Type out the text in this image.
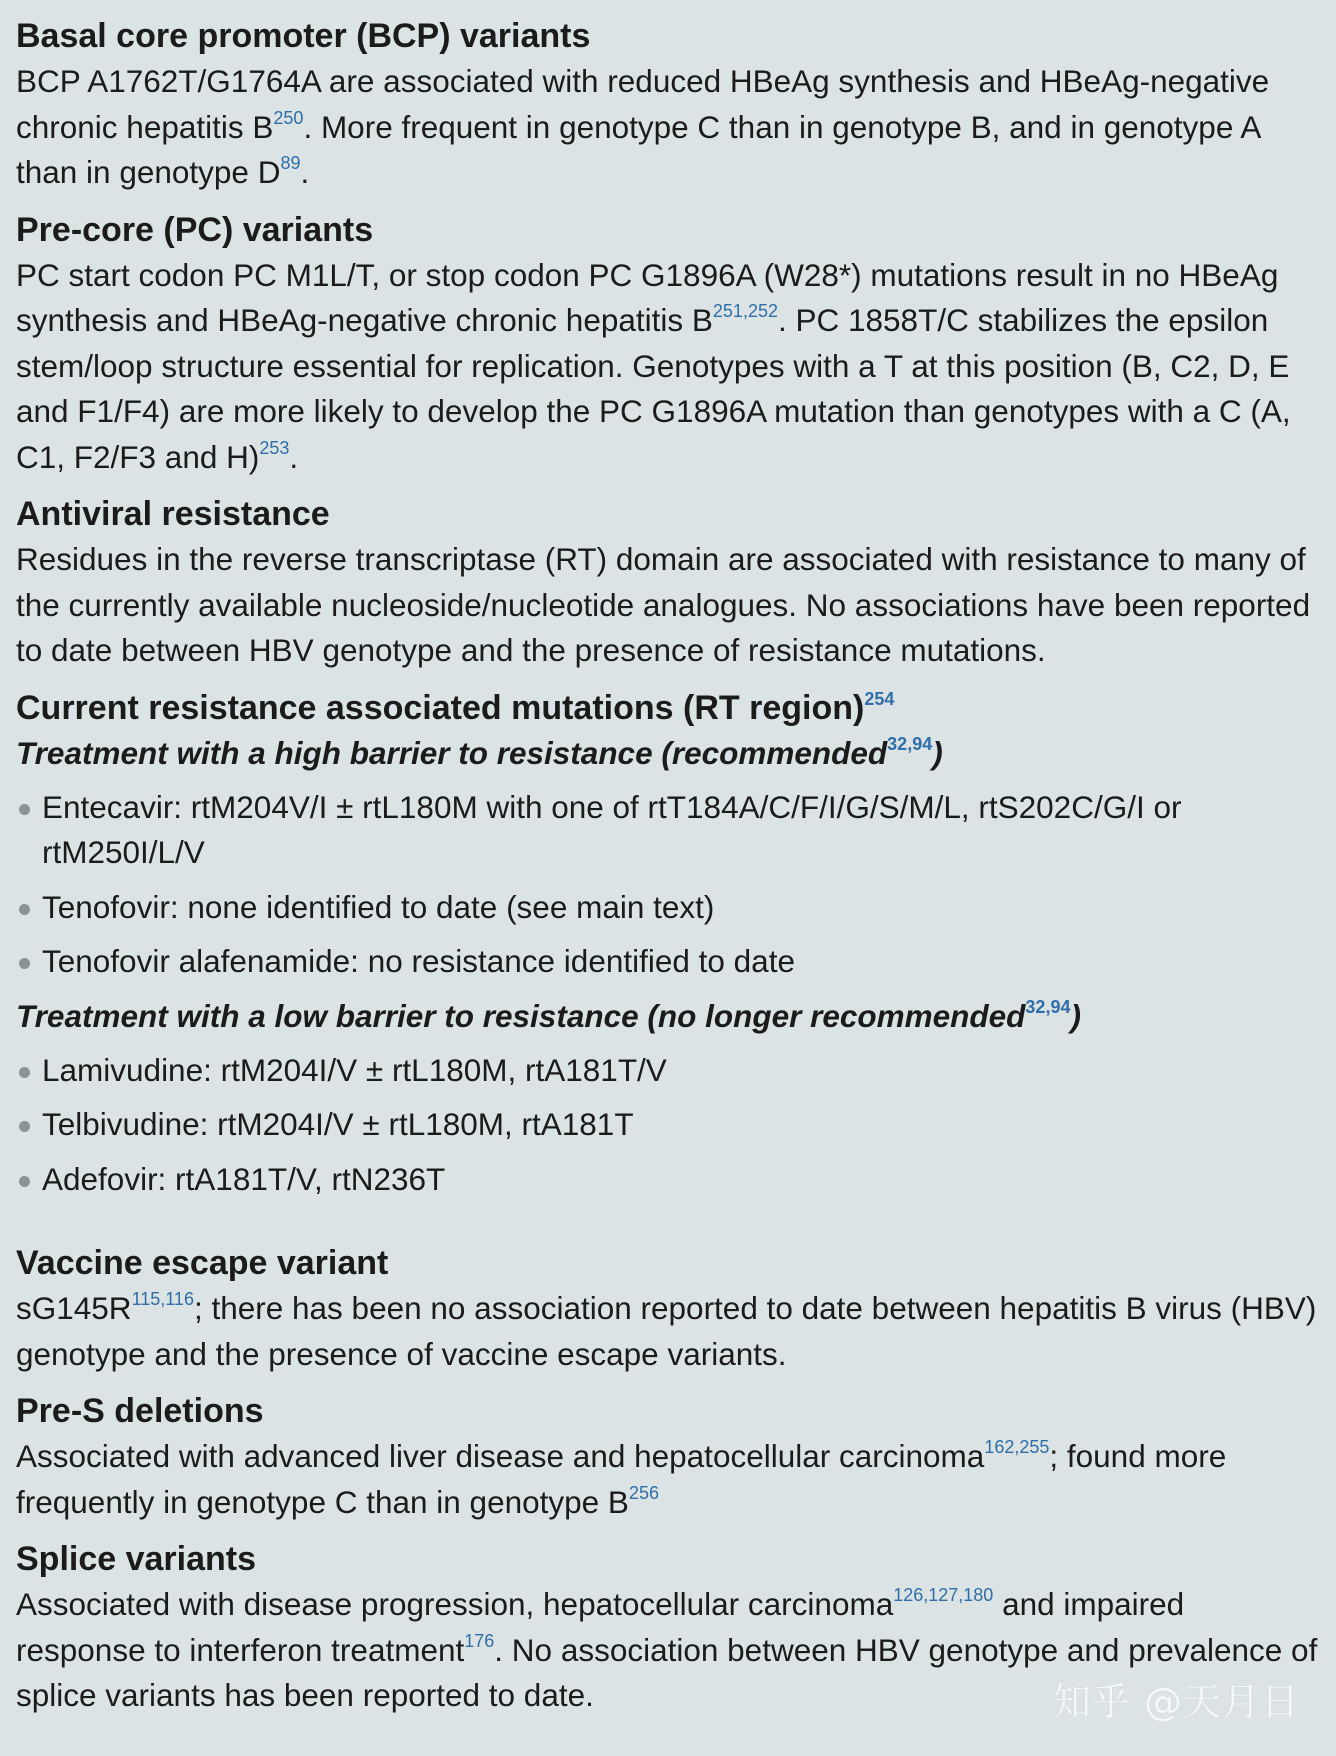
Basal core promoter (BCP) variants

BCP A1762T/G1764A are associated with reduced HBeAg synthesis and HBeAg-negative chronic hepatitis B$^{250}$. More frequent in genotype C than in genotype B, and in genotype A than in genotype D$^{89}$.

Pre-core (PC) variants

PC start codon PC M1L/T, or stop codon PC G1896A (W28*) mutations result in no HBeAg synthesis and HBeAg-negative chronic hepatitis B$^{251,252}$. PC 1858T/C stabilizes the epsilon stem/loop structure essential for replication. Genotypes with a T at this position (B, C2, D, E and F1/F4) are more likely to develop the PC G1896A mutation than genotypes with a C (A, C1, F2/F3 and H)$^{253}$.

Antiviral resistance

Residues in the reverse transcriptase (RT) domain are associated with resistance to many of the currently available nucleoside/nucleotide analogues. No associations have been reported to date between HBV genotype and the presence of resistance mutations.

Current resistance associated mutations (RT region)$^{254}$

Treatment with a high barrier to resistance (recommended$^{32,94}$)

Entecavir: rtM204V/I ± rtL180M with one of rtT184A/C/F/I/G/S/M/L, rtS202C/G/I or rtM250I/L/V
Tenofovir: none identified to date (see main text)
Tenofovir alafenamide: no resistance identified to date

Treatment with a low barrier to resistance (no longer recommended$^{32,94}$)

Lamivudine: rtM204I/V ± rtL180M, rtA181T/V
Telbivudine: rtM204I/V ± rtL180M, rtA181T
Adefovir: rtA181T/V, rtN236T

Vaccine escape variant

sG145R$^{115,116}$; there has been no association reported to date between hepatitis B virus (HBV) genotype and the presence of vaccine escape variants.

Pre-S deletions

Associated with advanced liver disease and hepatocellular carcinoma$^{162,255}$; found more frequently in genotype C than in genotype B$^{256}$

Splice variants

Associated with disease progression, hepatocellular carcinoma$^{126,127,180}$ and impaired response to interferon treatment$^{176}$. No association between HBV genotype and prevalence of splice variants has been reported to date.	知乎 @天月日
